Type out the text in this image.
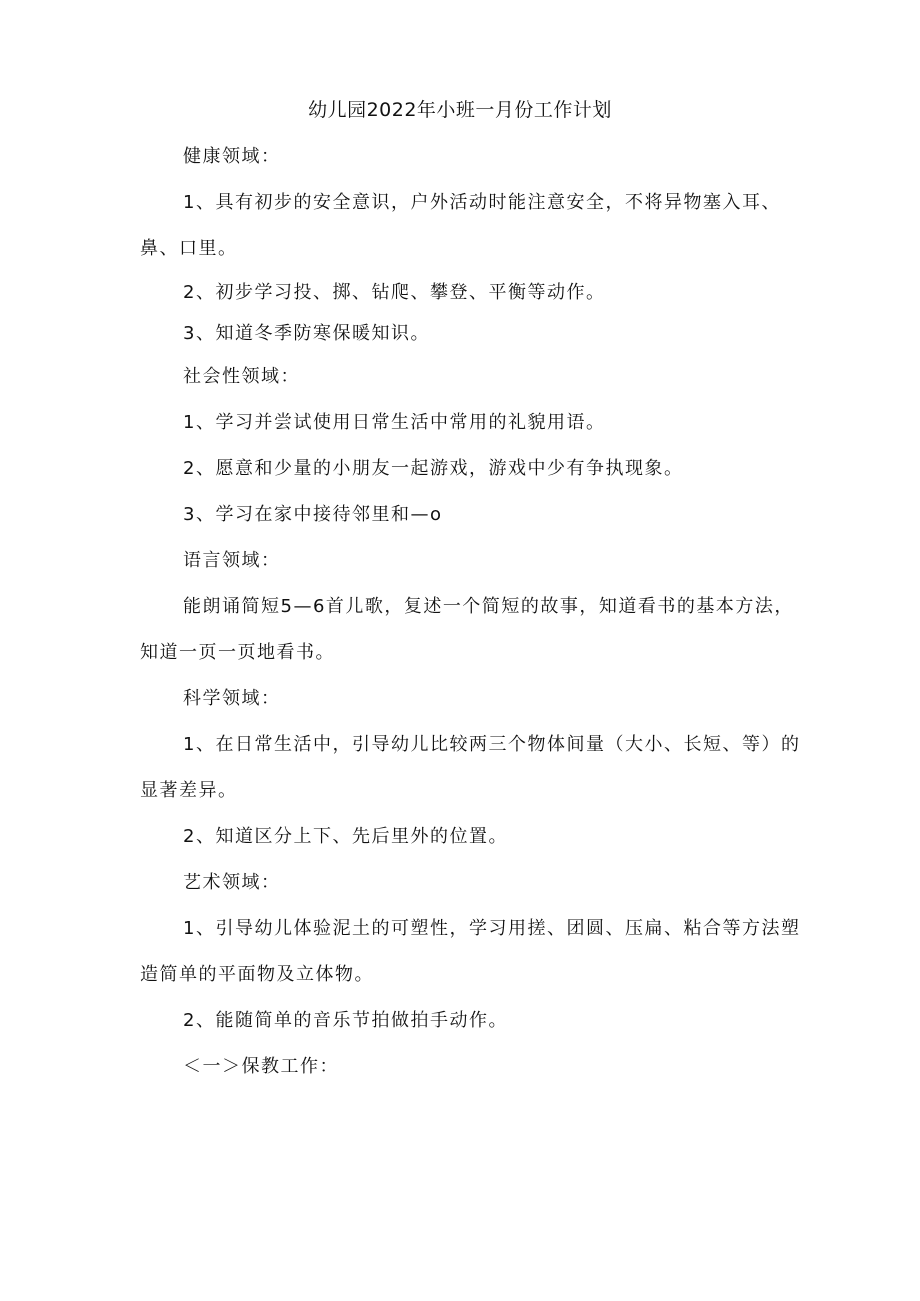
幼儿园2022年小班一月份工作计划

健康领域：

1、具有初步的安全意识，户外活动时能注意安全，不将异物塞入耳、鼻、口里。

2、初步学习投、掷、钻爬、攀登、平衡等动作。

3、知道冬季防寒保暖知识。

社会性领域：

1、学习并尝试使用日常生活中常用的礼貌用语。

2、愿意和少量的小朋友一起游戏，游戏中少有争执现象。

3、学习在家中接待邻里和—o

语言领域：

能朗诵简短5—6首儿歌，复述一个简短的故事，知道看书的基本方法，知道一页一页地看书。

科学领域：

1、在日常生活中，引导幼儿比较两三个物体间量（大小、长短、等）的显著差异。

2、知道区分上下、先后里外的位置。

艺术领域：

1、引导幼儿体验泥土的可塑性，学习用搓、团圆、压扁、粘合等方法塑造简单的平面物及立体物。

2、能随简单的音乐节拍做拍手动作。

＜一＞保教工作：
